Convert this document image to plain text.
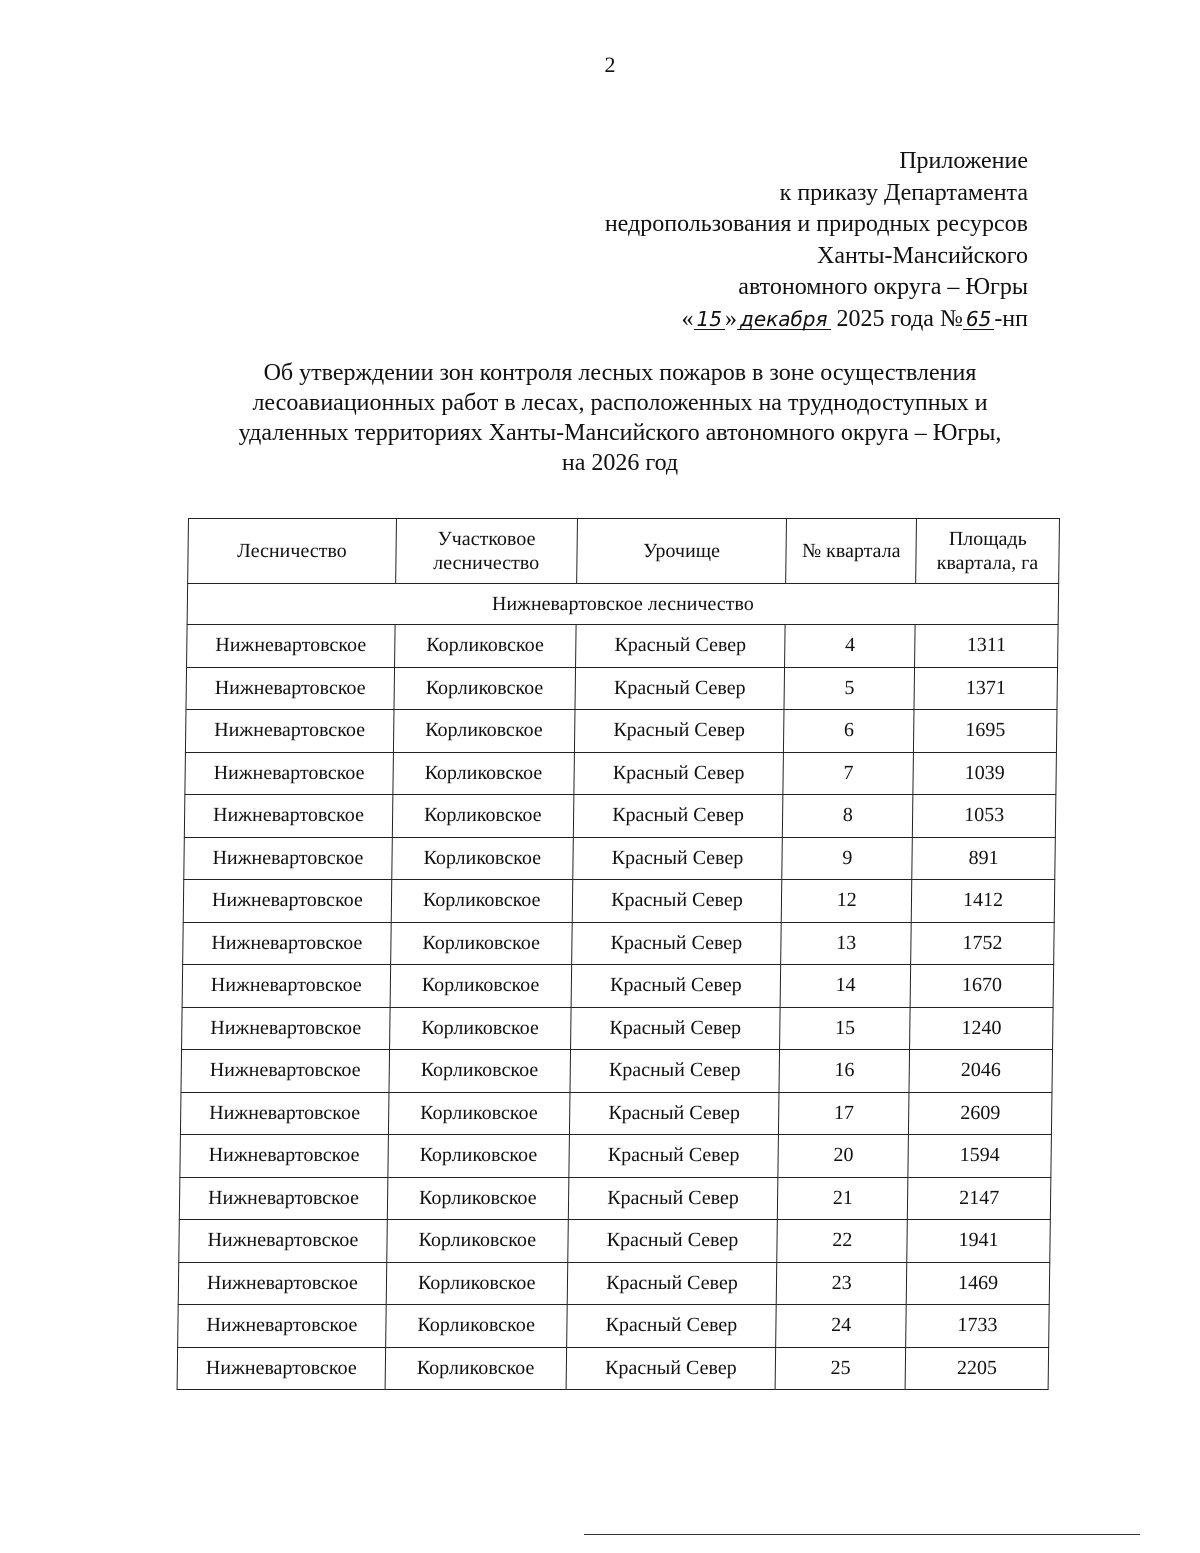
2
Приложение
к приказу Департамента
недропользования и природных ресурсов
Ханты-Мансийского
автономного округа – Югры
« 15 » декабря 2025 года № 65 -нп
Об утверждении зон контроля лесных пожаров в зоне осуществления
лесоавиационных работ в лесах, расположенных на труднодоступных и
удаленных территориях Ханты-Мансийского автономного округа – Югры,
на 2026 год
Лесничество	Участковое лесничество	Урочище	№ квартала	Площадь квартала, га
Нижневартовское лесничество				
Нижневартовское	Корликовское	Красный Север	4	1311
Нижневартовское	Корликовское	Красный Север	5	1371
Нижневартовское	Корликовское	Красный Север	6	1695
Нижневартовское	Корликовское	Красный Север	7	1039
Нижневартовское	Корликовское	Красный Север	8	1053
Нижневартовское	Корликовское	Красный Север	9	891
Нижневартовское	Корликовское	Красный Север	12	1412
Нижневартовское	Корликовское	Красный Север	13	1752
Нижневартовское	Корликовское	Красный Север	14	1670
Нижневартовское	Корликовское	Красный Север	15	1240
Нижневартовское	Корликовское	Красный Север	16	2046
Нижневартовское	Корликовское	Красный Север	17	2609
Нижневартовское	Корликовское	Красный Север	20	1594
Нижневартовское	Корликовское	Красный Север	21	2147
Нижневартовское	Корликовское	Красный Север	22	1941
Нижневартовское	Корликовское	Красный Север	23	1469
Нижневартовское	Корликовское	Красный Север	24	1733
Нижневартовское	Корликовское	Красный Север	25	2205
